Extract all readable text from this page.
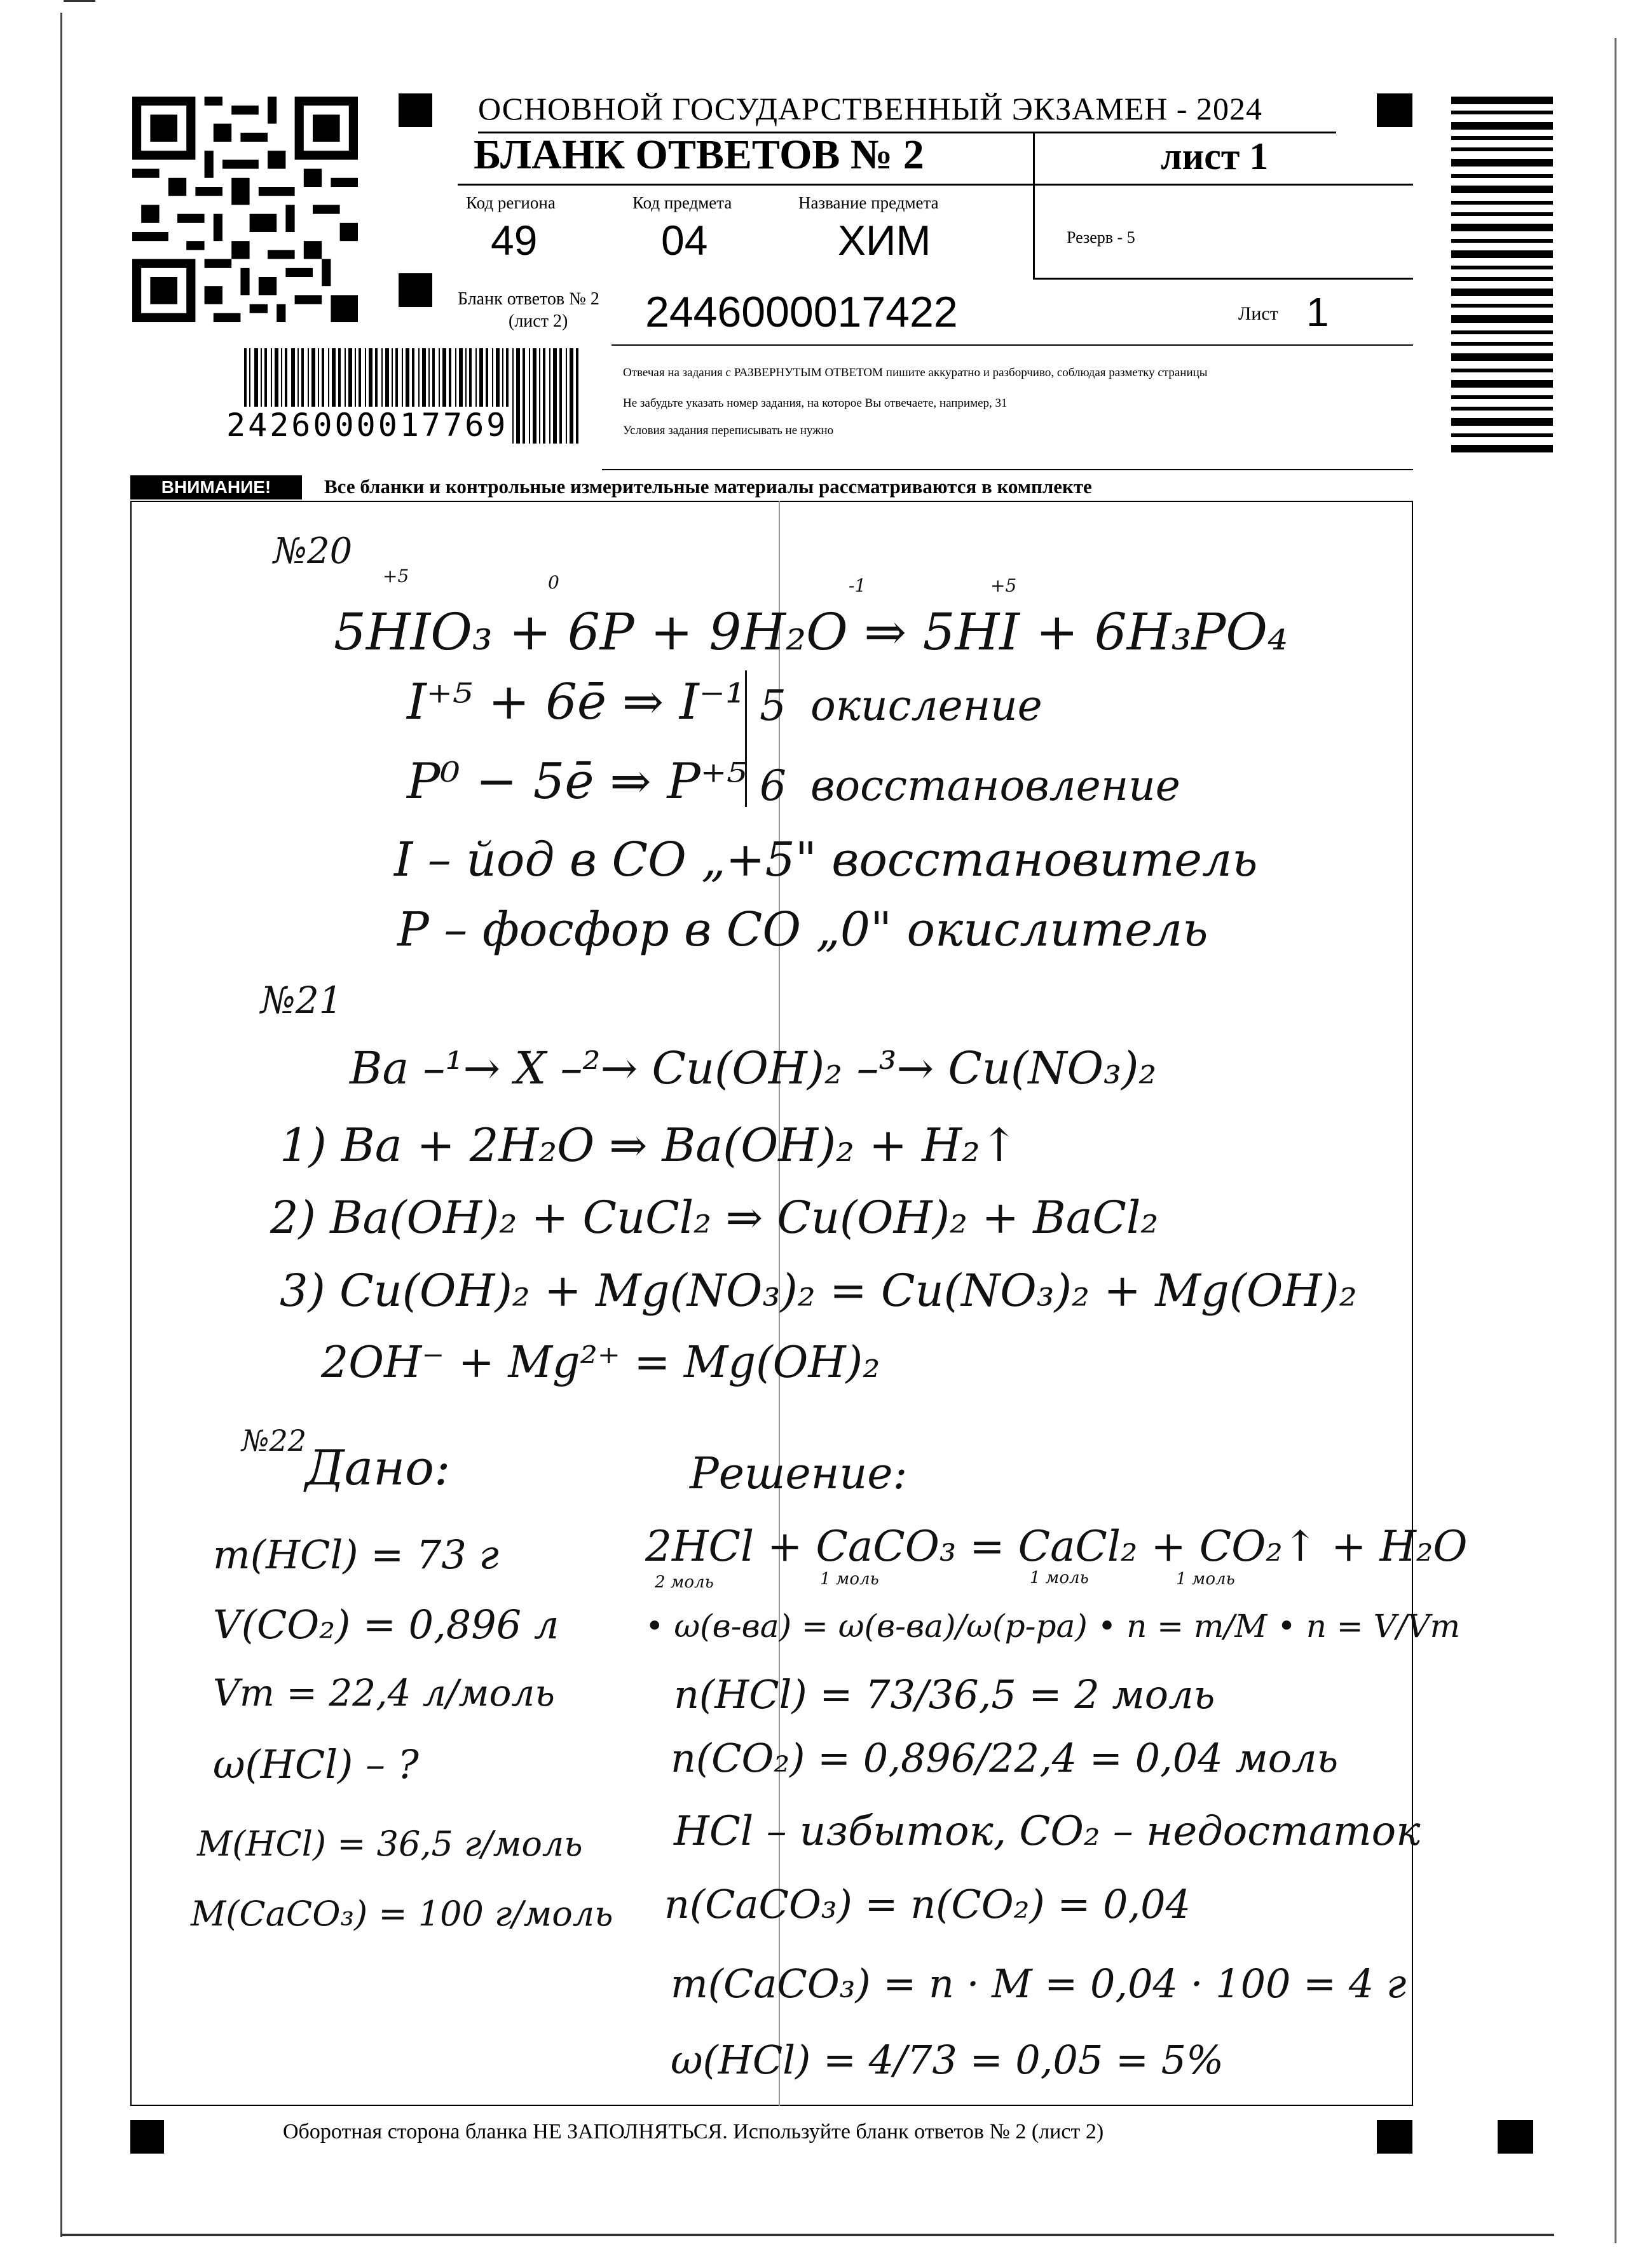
ОСНОВНОЙ ГОСУДАРСТВЕННЫЙ ЭКЗАМЕН - 2024
БЛАНК ОТВЕТОВ № 2	лист 1
Код региона
49
Код предмета
04
Название предмета
ХИМ	Резерв - 5
Бланк ответов № 2
(лист 2) 2446000017422	Лист 1
2426000017769
Отвечая на задания с РАЗВЕРНУТЫМ ОТВЕТОМ пишите аккуратно и разборчиво, соблюдая разметку страницы
Не забудьте указать номер задания, на которое Вы отвечаете, например, 31
Условия задания переписывать не нужно
ВНИМАНИЕ!	Все бланки и контрольные измерительные материалы рассматриваются в комплекте
№20
+5	0	-1	+5
5HIO₃ + 6P + 9H₂O ⇒ 5HI + 6H₃PO₄
I⁺⁵ + 6ē ⇒ I⁻¹ 5 окисление
P⁰ − 5ē ⇒ P⁺⁵ 6 восстановление
I – йод в СО „+5" восстановитель
P – фосфор в СО „0" окислитель
№21
Ba –¹→ X –²→ Cu(OH)₂ –³→ Cu(NO₃)₂
1) Ba + 2H₂O ⇒ Ba(OH)₂ + H₂↑
2) Ba(OH)₂ + CuCl₂ ⇒ Cu(OH)₂ + BaCl₂
3) Cu(OH)₂ + Mg(NO₃)₂ = Cu(NO₃)₂ + Mg(OH)₂
2OH⁻ + Mg²⁺ = Mg(OH)₂
№22
Дано:
m(HCl) = 73 г
V(CO₂) = 0,896 л
Vm = 22,4 л/моль
ω(HCl) – ?
M(HCl) = 36,5 г/моль
M(CaCO₃) = 100 г/моль
Решение:
2HCl + CaCO₃ = CaCl₂ + CO₂↑ + H₂O
2 моль	1 моль	1 моль	1 моль
• ω(в-ва) = ω(в-ва)/ω(р-ра) • n = m/M • n = V/Vm
n(HCl) = 73/36,5 = 2 моль
n(CO₂) = 0,896/22,4 = 0,04 моль
HCl – избыток, CO₂ – недостаток
n(CaCO₃) = n(CO₂) = 0,04
m(CaCO₃) = n · M = 0,04 · 100 = 4 г
ω(HCl) = 4/73 = 0,05 = 5%
Оборотная сторона бланка НЕ ЗАПОЛНЯТЬСЯ. Используйте бланк ответов № 2 (лист 2)
